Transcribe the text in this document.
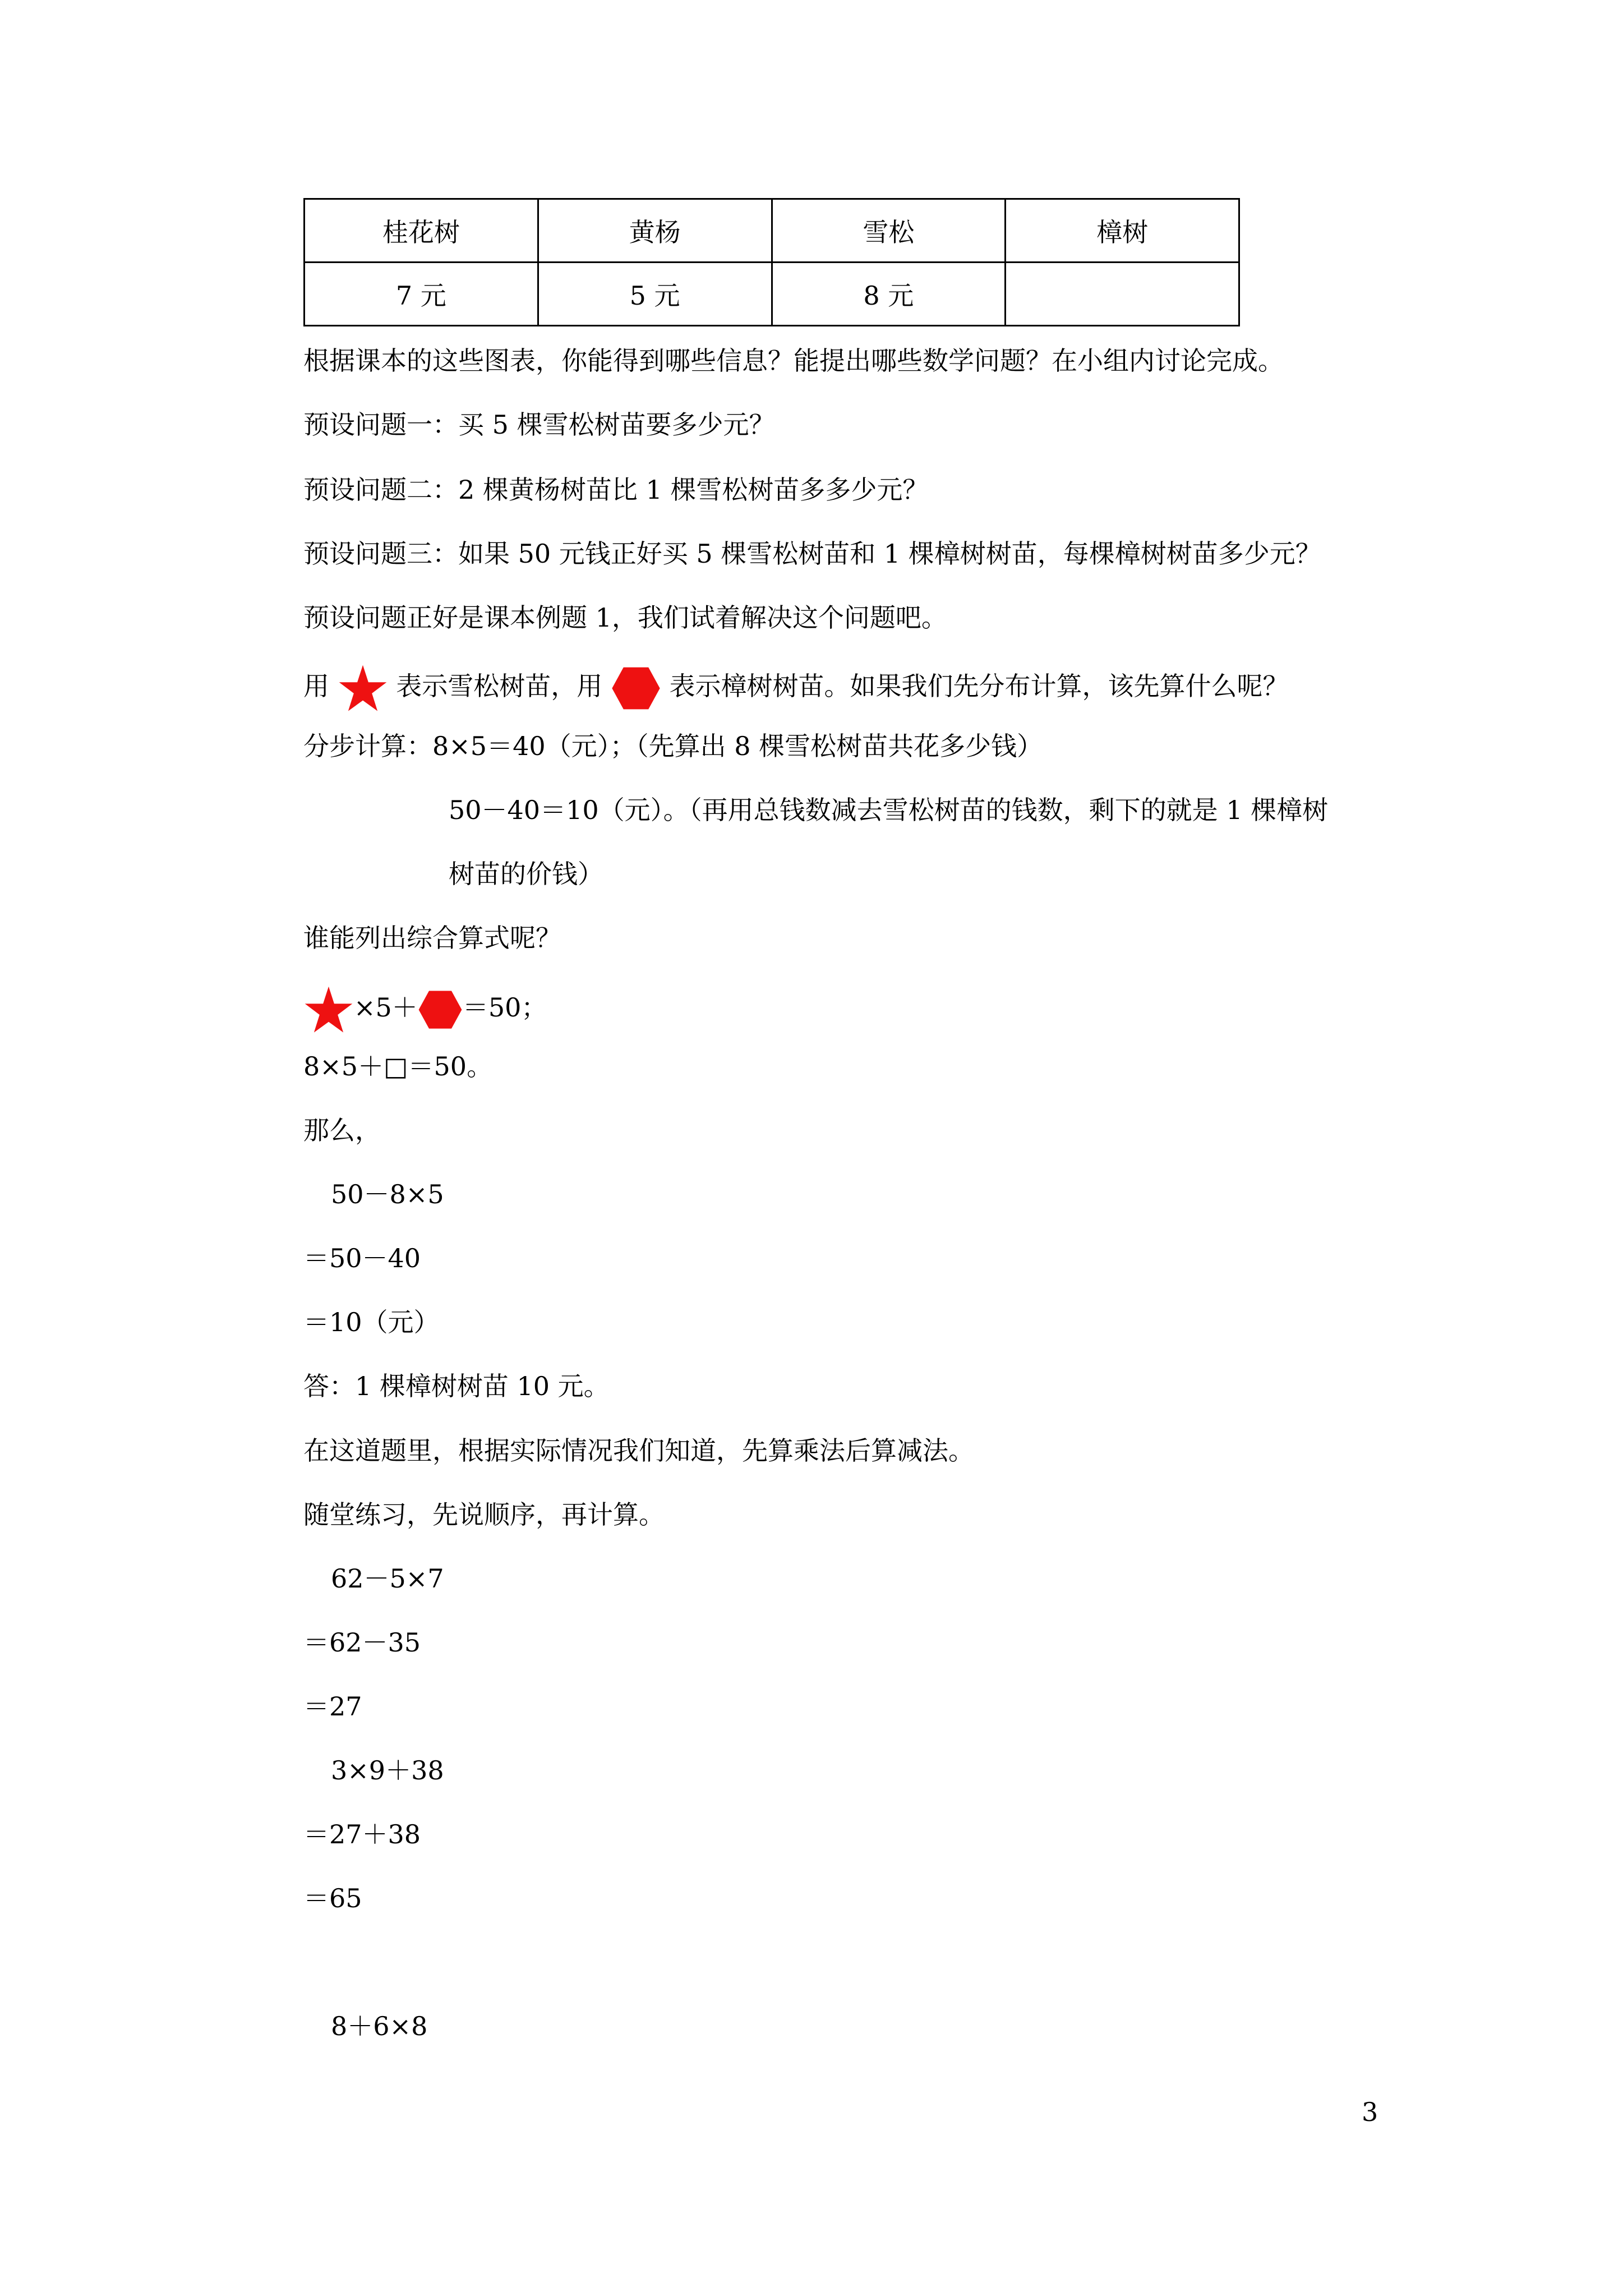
桂花树	黄杨	雪松	樟树
7 元	5 元	8 元	
根据课本的这些图表，你能得到哪些信息？能提出哪些数学问题？在小组内讨论完成。
预设问题一：买 5 棵雪松树苗要多少元？
预设问题二：2 棵黄杨树苗比 1 棵雪松树苗多多少元？
预设问题三：如果 50 元钱正好买 5 棵雪松树苗和 1 棵樟树树苗，每棵樟树树苗多少元？
预设问题正好是课本例题 1，我们试着解决这个问题吧。
用	表示雪松树苗，用	表示樟树树苗。如果我们先分布计算，该先算什么呢？
分步计算：8×5＝40（元）；（先算出 8 棵雪松树苗共花多少钱）
50－40＝10（元）。（再用总钱数减去雪松树苗的钱数，剩下的就是 1 棵樟树
树苗的价钱）
谁能列出综合算式呢？
×5＋ ＝50；
8×5＋□＝50。
那么，
50－8×5
＝50－40
＝10（元）
答：1 棵樟树树苗 10 元。
在这道题里，根据实际情况我们知道，先算乘法后算减法。
随堂练习，先说顺序，再计算。
62－5×7
＝62－35
＝27
3×9＋38
＝27＋38
＝65
8＋6×8
3
